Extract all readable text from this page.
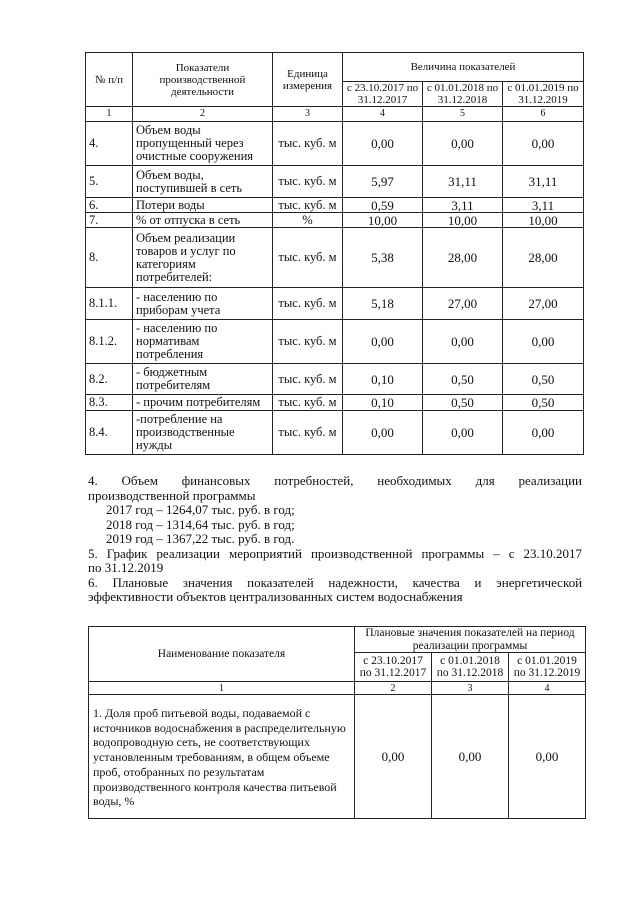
№ п/п	Показатели производственной деятельности	Единица измерения	Величина показателей		
			с 23.10.2017 по 31.12.2017	с 01.01.2018 по 31.12.2018	с 01.01.2019 по 31.12.2019
1	2	3	4	5	6
4.	Объем воды пропущенный через очистные сооружения	тыс. куб. м	0,00	0,00	0,00
5.	Объем воды, поступившей в сеть	тыс. куб. м	5,97	31,11	31,11
6.	Потери воды	тыс. куб. м	0,59	3,11	3,11
7.	% от отпуска в сеть	%	10,00	10,00	10,00
8.	Объем реализации товаров и услуг по категориям потребителей:	тыс. куб. м	5,38	28,00	28,00
8.1.1.	- населению по приборам учета	тыс. куб. м	5,18	27,00	27,00
8.1.2.	- населению по нормативам потребления	тыс. куб. м	0,00	0,00	0,00
8.2.	- бюджетным потребителям	тыс. куб. м	0,10	0,50	0,50
8.3.	- прочим потребителям	тыс. куб. м	0,10	0,50	0,50
8.4.	-потребление на производственные нужды	тыс. куб. м	0,00	0,00	0,00

4. Объем финансовых потребностей, необходимых для реализации

производственной программы

2017 год – 1264,07 тыс. руб. в год;

2018 год – 1314,64 тыс. руб. в год;

2019 год – 1367,22 тыс. руб. в год.

5. График реализации мероприятий производственной программы – с 23.10.2017

по 31.12.2019

6. Плановые значения показателей надежности, качества и энергетической

эффективности объектов централизованных систем водоснабжения

Наименование показателя	Плановые значения показателей на период реализации программы		
	с 23.10.2017 по 31.12.2017	с 01.01.2018 по 31.12.2018	с 01.01.2019 по 31.12.2019
1	2	3	4
1. Доля проб питьевой воды, подаваемой с источников водоснабжения в распределительную водопроводную сеть, не соответствующих установленным требованиям, в общем объеме проб, отобранных по результатам производственного контроля качества питьевой воды, %	0,00	0,00	0,00
